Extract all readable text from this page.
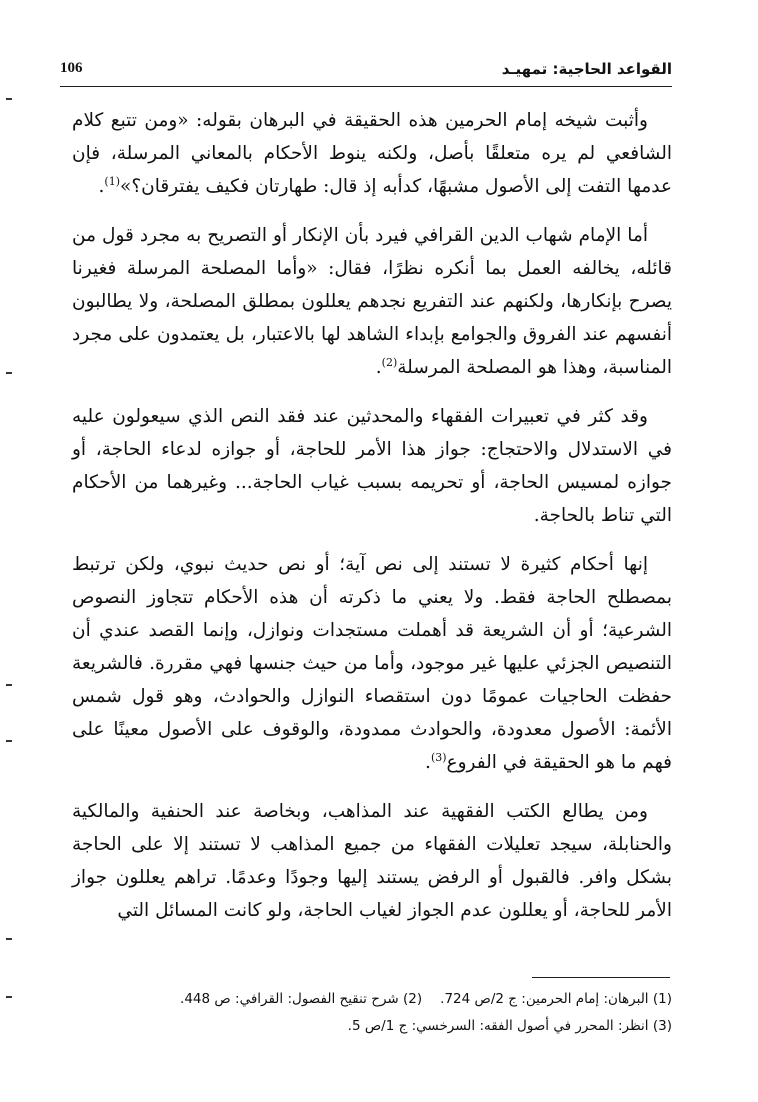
القواعد الحاجية: تمهيـد
106

وأثبت شيخه إمام الحرمين هذه الحقيقة في البرهان بقوله: «ومن تتبع كلام الشافعي لم يره متعلقًا بأصل، ولكنه ينوط الأحكام بالمعاني المرسلة، فإن عدمها التفت إلى الأصول مشبهًا، كدأبه إذ قال: طهارتان فكيف يفترقان؟»$^{(1)}$.

أما الإمام شهاب الدين القرافي فيرد بأن الإنكار أو التصريح به مجرد قول من قائله، يخالفه العمل بما أنكره نظرًا، فقال: «وأما المصلحة المرسلة فغيرنا يصرح بإنكارها، ولكنهم عند التفريع نجدهم يعللون بمطلق المصلحة، ولا يطالبون أنفسهم عند الفروق والجوامع بإبداء الشاهد لها بالاعتبار، بل يعتمدون على مجرد المناسبة، وهذا هو المصلحة المرسلة$^{(2)}$.

وقد كثر في تعبيرات الفقهاء والمحدثين عند فقد النص الذي سيعولون عليه في الاستدلال والاحتجاج: جواز هذا الأمر للحاجة، أو جوازه لدعاء الحاجة، أو جوازه لمسيس الحاجة، أو تحريمه بسبب غياب الحاجة... وغيرهما من الأحكام التي تناط بالحاجة.

إنها أحكام كثيرة لا تستند إلى نص آية؛ أو نص حديث نبوي، ولكن ترتبط بمصطلح الحاجة فقط. ولا يعني ما ذكرته أن هذه الأحكام تتجاوز النصوص الشرعية؛ أو أن الشريعة قد أهملت مستجدات ونوازل، وإنما القصد عندي أن التنصيص الجزئي عليها غير موجود، وأما من حيث جنسها فهي مقررة. فالشريعة حفظت الحاجيات عمومًا دون استقصاء النوازل والحوادث، وهو قول شمس الأئمة: الأصول معدودة، والحوادث ممدودة، والوقوف على الأصول معينًا على فهم ما هو الحقيقة في الفروع$^{(3)}$.

ومن يطالع الكتب الفقهية عند المذاهب، وبخاصة عند الحنفية والمالكية والحنابلة، سيجد تعليلات الفقهاء من جميع المذاهب لا تستند إلا على الحاجة بشكل وافر. فالقبول أو الرفض يستند إليها وجودًا وعدمًا. تراهم يعللون جواز الأمر للحاجة، أو يعللون عدم الجواز لغياب الحاجة، ولو كانت المسائل التي

(1) البرهان: إمام الحرمين: ج 2/ص 724.(2) شرح تنقيح الفصول: القرافي: ص 448.
(3) انظر: المحرر في أصول الفقه: السرخسي: ج 1/ص 5.
